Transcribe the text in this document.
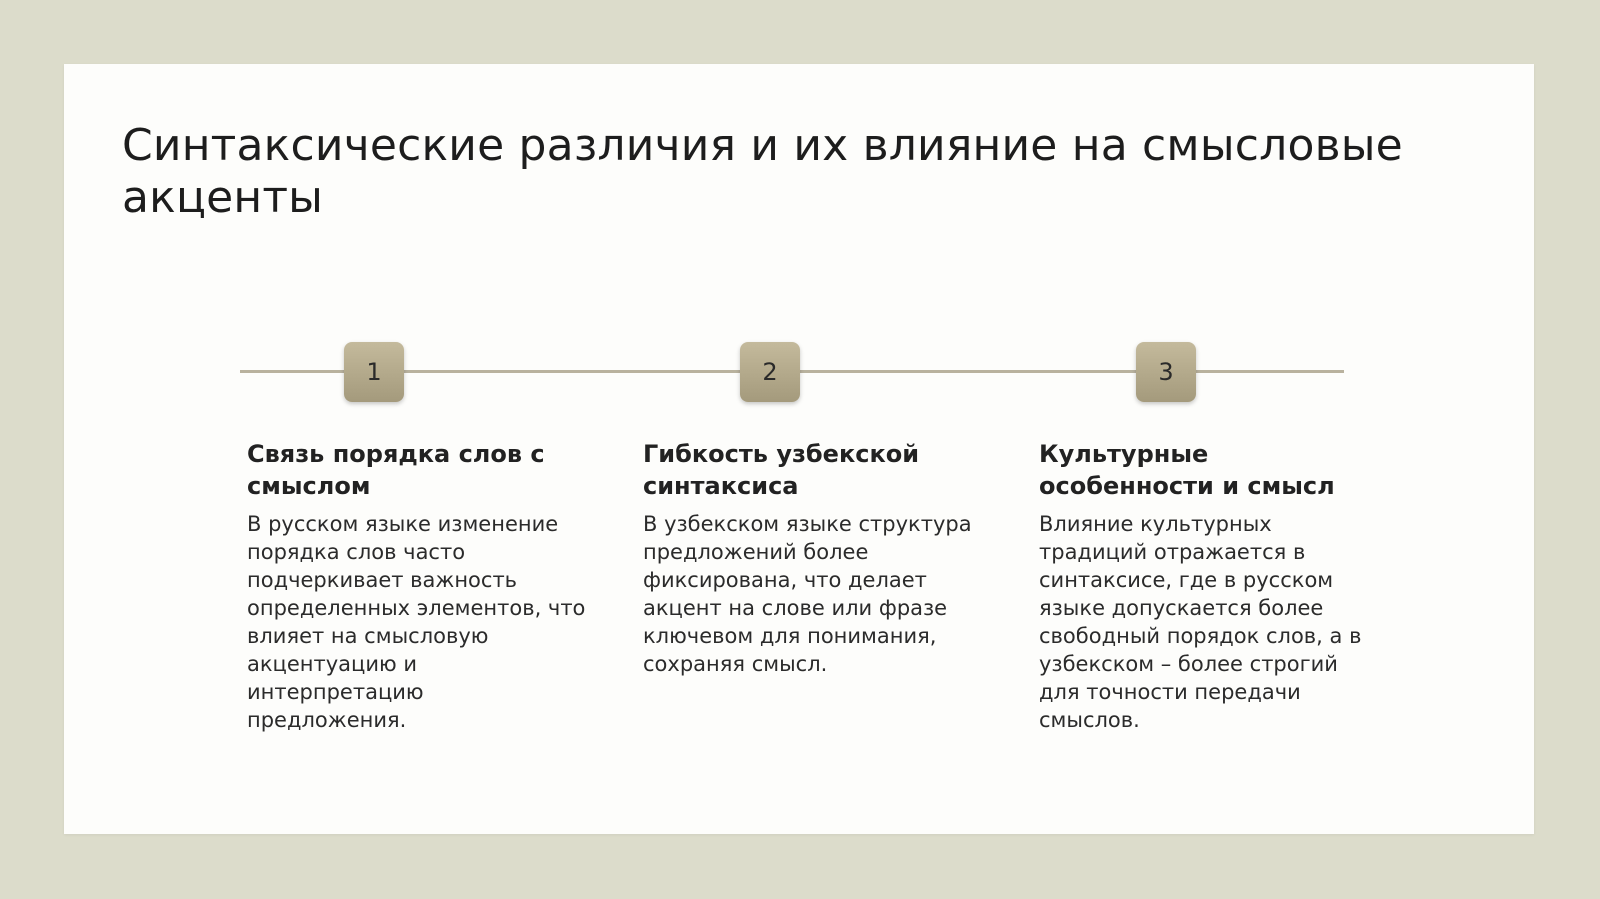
Синтаксические различия и их влияние на смысловые акценты
1	2	3
Связь порядка слов с смыслом

В русском языке изменение порядка слов часто подчеркивает важность определенных элементов, что влияет на смысловую акцентуацию и интерпретацию предложения.

Гибкость узбекской синтаксиса

В узбекском языке структура предложений более фиксирована, что делает акцент на слове или фразе ключевом для понимания, сохраняя смысл.

Культурные особенности и смысл

Влияние культурных традиций отражается в синтаксисе, где в русском языке допускается более свободный порядок слов, а в узбекском – более строгий для точности передачи смыслов.
